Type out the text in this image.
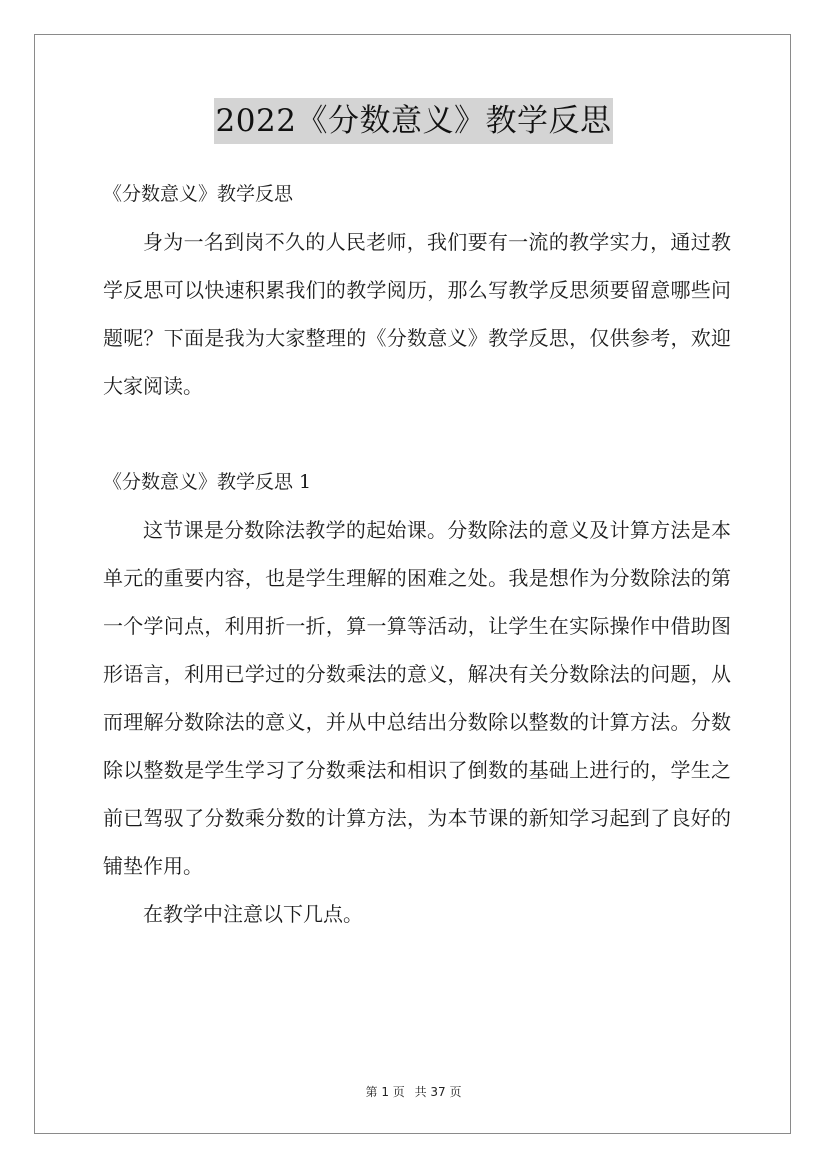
2022《分数意义》教学反思

《分数意义》教学反思

身为一名到岗不久的人民老师，我们要有一流的教学实力，通过教学反思可以快速积累我们的教学阅历，那么写教学反思须要留意哪些问题呢？下面是我为大家整理的《分数意义》教学反思，仅供参考，欢迎大家阅读。

《分数意义》教学反思 1

这节课是分数除法教学的起始课。分数除法的意义及计算方法是本单元的重要内容，也是学生理解的困难之处。我是想作为分数除法的第一个学问点，利用折一折，算一算等活动，让学生在实际操作中借助图形语言，利用已学过的分数乘法的意义，解决有关分数除法的问题，从而理解分数除法的意义，并从中总结出分数除以整数的计算方法。分数除以整数是学生学习了分数乘法和相识了倒数的基础上进行的，学生之前已驾驭了分数乘分数的计算方法，为本节课的新知学习起到了良好的铺垫作用。

在教学中注意以下几点。

第 1 页 共 37 页
